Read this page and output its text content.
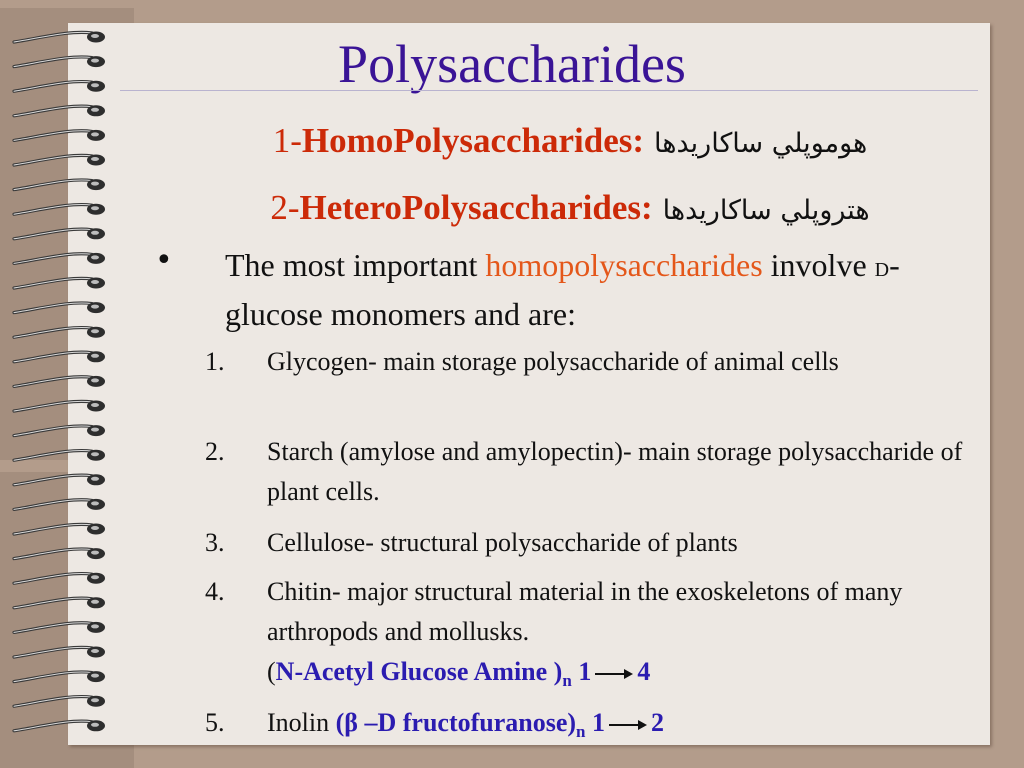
Polysaccharides
1-HomoPolysaccharides: هوموپلي ساكاريدها
2-HeteroPolysaccharides: هتروپلي ساكاريدها
• The most important homopolysaccharides involve D-glucose monomers and are:
1.	Glycogen- main storage polysaccharide of animal cells
2.	Starch (amylose and amylopectin)- main storage polysaccharide of plant cells.
3.	Cellulose- structural polysaccharide of plants
4.	Chitin- major structural material in the exoskeletons of many arthropods and mollusks.
(N-Acetyl Glucose Amine )$_n$ 1 4
5.	Inolin (β –D $fructofuranose)_n$ 1 2
